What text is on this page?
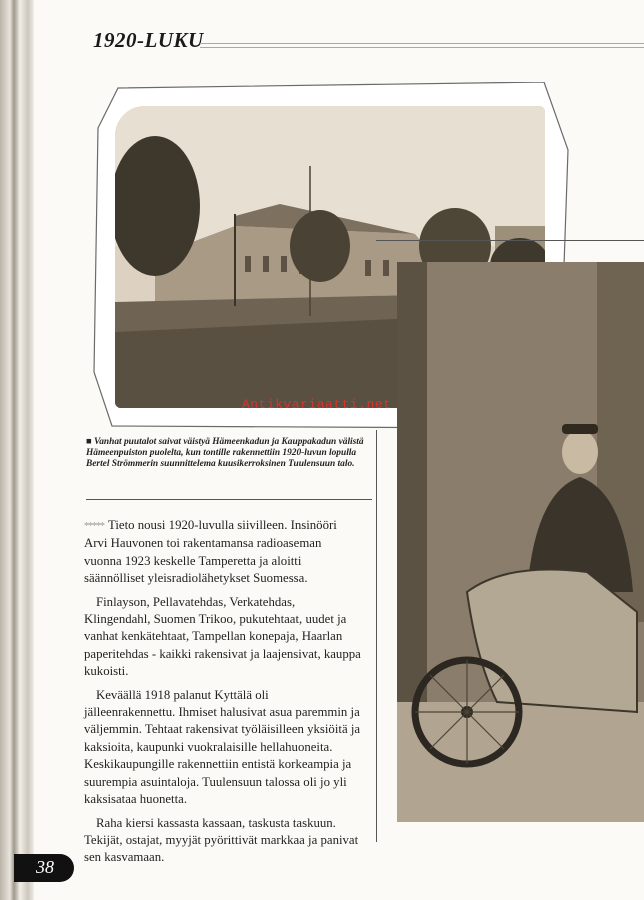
1920-LUKU
Antikvariaatti.net
■ Vanhat puutalot saivat väistyä Hämeenkadun ja Kauppakadun välistä Hämeenpuiston puolelta, kun tontille rakennettiin 1920-luvun lopulla Bertel Strömmerin suunnittelema kuusikerroksinen Tuulensuun talo.

***** Tieto nousi 1920-luvulla siivilleen. Insinööri Arvi Hauvonen toi rakentamansa radioaseman vuonna 1923 keskelle Tamperetta ja aloitti säännölliset yleisradiolähetykset Suomessa.

Finlayson, Pellavatehdas, Verkatehdas, Klingendahl, Suomen Trikoo, pukutehtaat, uudet ja vanhat kenkätehtaat, Tampellan konepaja, Haarlan paperitehdas - kaikki rakensivat ja laajensivat, kauppa kukoisti.

Keväällä 1918 palanut Kyttälä oli jälleenrakennettu. Ihmiset halusivat asua paremmin ja väljemmin. Tehtaat rakensivat työläisilleen yksiöitä ja kaksioita, kaupunki vuokralaisille hellahuoneita. Keskikaupungille rakennettiin entistä korkeampia ja suurempia asuintaloja. Tuulensuun talossa oli jo yli kaksisataa huonetta.

Raha kiersi kassasta kassaan, taskusta taskuun. Tekijät, ostajat, myyjät pyörittivät markkaa ja panivat sen kasvamaan.

38
